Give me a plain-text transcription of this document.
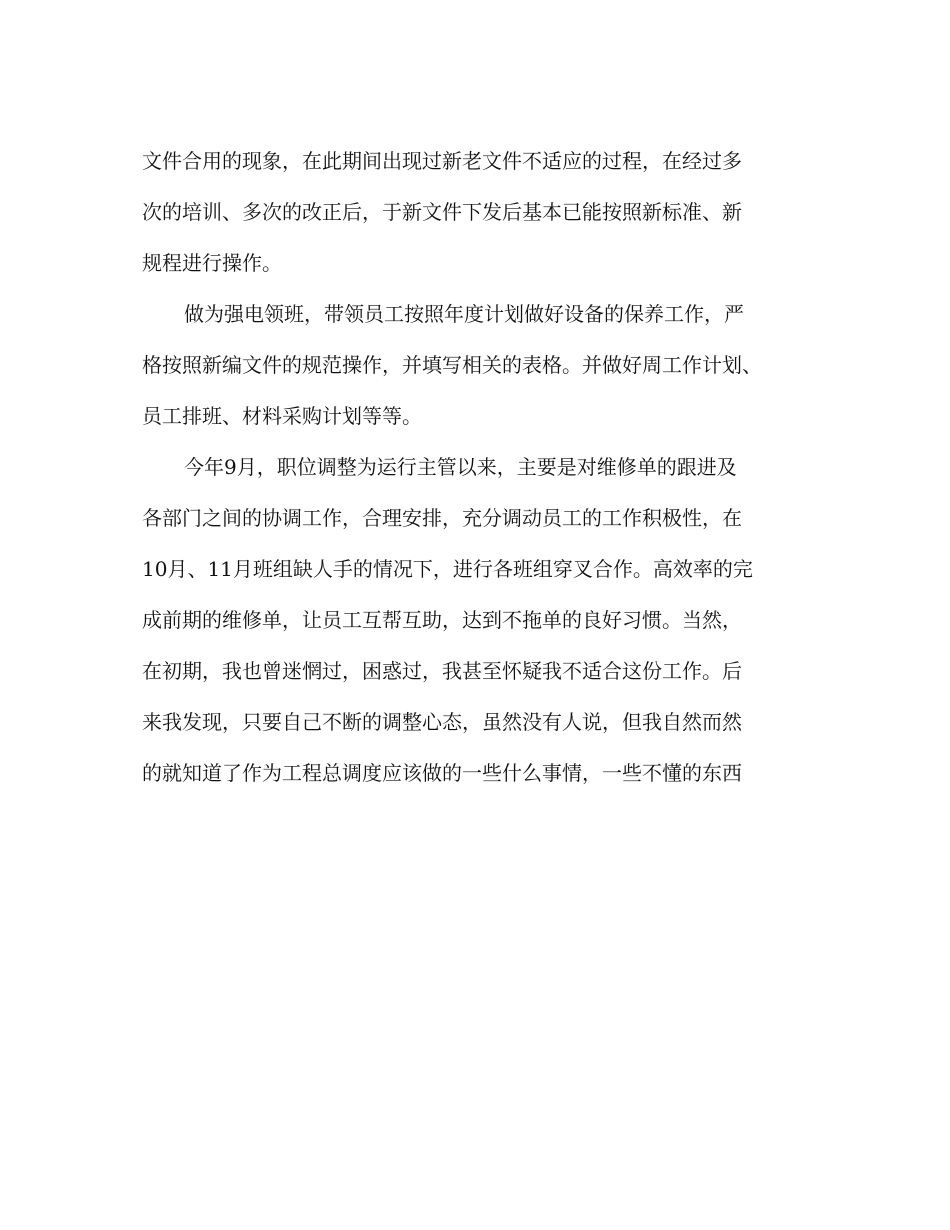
文件合用的现象，在此期间出现过新老文件不适应的过程，在经过多
次的培训、多次的改正后，于新文件下发后基本已能按照新标准、新
规程进行操作。
做为强电领班，带领员工按照年度计划做好设备的保养工作，严
格按照新编文件的规范操作，并填写相关的表格。并做好周工作计划、
员工排班、材料采购计划等等。
今年9月，职位调整为运行主管以来，主要是对维修单的跟进及
各部门之间的协调工作，合理安排，充分调动员工的工作积极性，在
10月、11月班组缺人手的情况下，进行各班组穿叉合作。高效率的完
成前期的维修单，让员工互帮互助，达到不拖单的良好习惯。当然，
在初期，我也曾迷惘过，困惑过，我甚至怀疑我不适合这份工作。后
来我发现，只要自己不断的调整心态，虽然没有人说，但我自然而然
的就知道了作为工程总调度应该做的一些什么事情，一些不懂的东西
